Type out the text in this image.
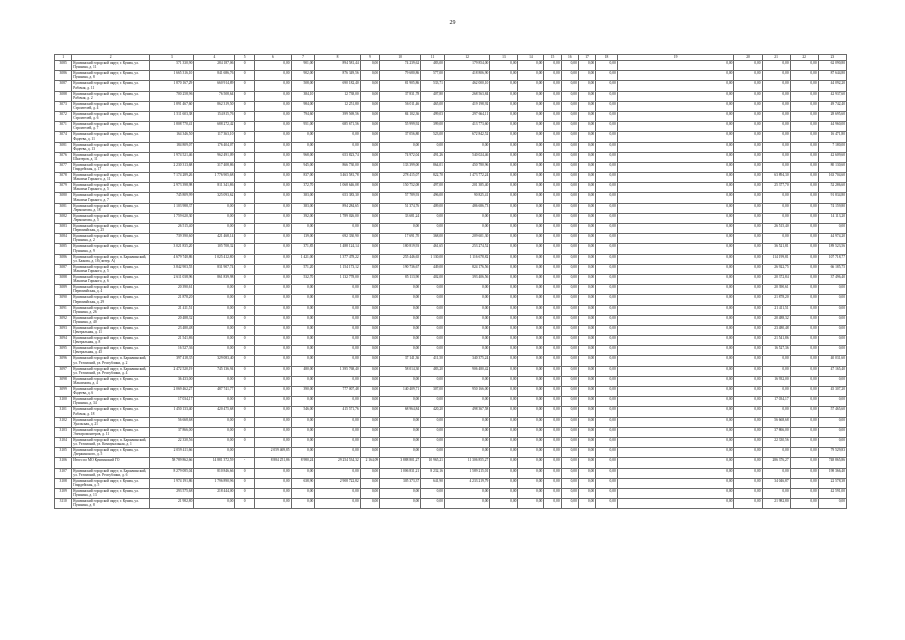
29
1	2	3	4	5	6	7	8	9	10	11	12	13	14	15	16	17	18	19	20	21	22	23
3085	Кушвинский городской округ, г. Кушва, ул. Пушкина, д. 11	571 330,90	284 187,06	0	0,00	901,00	894 581,44	0,00	74 239,62	483,00	179 854,00	0,00	0,00	0,00	0,00	0,00	0,00	0,00	0,00	0,00	0,00	62 090,80
3086	Кушвинский городской округ, г. Кушва, ул. Пушкина, д. 8	1 665 316,10	841 686,76	0	0,00	902,00	876 349,56	0,00	79 680,86	577,00	418 806,90	0,00	0,00	0,00	0,00	0,00	0,00	0,00	0,00	0,00	0,00	87 644,80
3087	Кушвинский городской округ, г. Кушва, ул. Рабочая, д. 11	1 870 167,29	660 914,89	0	0,00	508,00	690 182,40	0,00	81 905,86	533,71	462 000,10	0,00	0,00	0,00	0,00	0,00	0,00	0,00	0,00	0,00	0,00	44 092,20
3088	Кушвинский городской округ, г. Кушва, ул. Рабочая, д. 2	700 258,96	76 508,64	0	0,00	384,10	12 738,00	0,00	37 831,78	407,80	268 563,84	0,00	0,00	0,00	0,00	0,00	0,00	0,00	0,00	0,00	0,00	42 937,60
3073	Кушвинский городской округ, г. Кушва, ул. Строителей, д. 4	1 891 467,60	862 319,50	0	0,00	984,00	12 251,80	0,00	56 011,46	465,00	419 198,92	0,00	0,00	0,00	0,00	0,00	0,00	0,00	0,00	0,00	0,00	49 742,40
3072	Кушвинский городской округ, г. Кушва, ул. Строителей, д. 6	1 511 603,38	154 815,76	0	0,00	794,60	399 569,56	0,00	84 102,36	499,03	297 664,11	0,00	0,00	0,00	0,00	0,00	0,00	0,00	0,00	0,00	0,00	28 695,60
3071	Кушвинский городской округ, г. Кушва, ул. Строителей, д. 7	1 808 770,41	688 272,42	0	0,00	951,00	685 671,56	0,00	55 999,92	399,00	413 773,60	0,00	0,00	0,00	0,00	0,00	0,00	0,00	0,00	0,00	0,00	44 960,00
3074	Кушвинский городской округ, г. Кушва, ул. Фадеева, д. 11	164 346,50	117 363,10	0	0,00	0,00	0,00	0,00	37 056,80	523,00	672 842,52	0,00	0,00	0,00	0,00	0,00	0,00	0,00	0,00	0,00	0,00	16 471,80
3081	Кушвинский городской округ, г. Кушва, ул. Фадеева, д. 13	184 809,07	176 404,07	0	0,00	0,00	0,00	0,00	0,00	0,00	0,00	0,00	0,00	0,00	0,00	0,00	0,00	0,00	0,00	0,00	0,00	7 180,00
3076	Кушвинский городской округ, г. Кушва, ул. Шахтеров, д. 11	1 974 521,46	962 491,09	0	0,00	968,00	653 823,74	0,00	74 972,04	491,26	540 024,46	0,00	0,00	0,00	0,00	0,00	0,00	0,00	0,00	0,00	0,00	42 609,60
3077	Кушвинский городской округ, г. Кушва, ул. Гвардейская, д. 17	2 230 313,68	317 408,86	0	0,00	945,00	866 730,00	0,00	133 399,00	864,01	450 780,96	0,00	0,00	0,00	0,00	0,00	0,00	0,00	0,00	0,00	0,00	80 130,60
3078	Кушвинский городской округ, г. Кушва, ул. Максима Горького, д. 11	7 174 289,26	1 776 905,68	0	0,00	837,00	3 463 581,78	0,00	278 415,07	822,70	1 473 772,24	0,00	0,00	0,00	0,00	0,00	0,00	0,00	0,00	63 894,30	0,00	163 704,60
3079	Кушвинский городской округ, г. Кушва, ул. Максима Горького, д. 5	2 973 398,98	811 341,86	0	0,00	372,70	1 068 646,08	0,00	150 752,08	497,00	201 385,40	0,00	0,00	0,00	0,00	0,00	0,00	0,00	0,00	25 377,70	0,00	52 286,60
3080	Кушвинский городской округ, г. Кушва, ул. Максима Горького, д. 7	745 809,99	325 093,62	0	0,00	383,00	653 383,30	0,00	57 789,93	496,00	90 825,41	0,00	0,00	0,00	0,00	0,00	0,00	0,00	0,00	0,00	0,00	91 834,80
3081	Кушвинский городской округ, г. Кушва, ул. Лермонтова, д. 18	1 103 988,37	0,00	0	0,00	383,00	894 284,65	0,00	51 374,76	409,00	486 686,73	0,00	0,00	0,00	0,00	0,00	0,00	0,00	0,00	0,00	0,00	74 159,80
3082	Кушвинский городской округ, г. Кушва, ул. Лермонтова, д. 5	1 759 620,30	0,00	0	0,00	392,00	1 789 026,00	0,00	33 681,24	0,00	0,00	0,00	0,00	0,00	0,00	0,00	0,00	0,00	0,00	0,00	0,00	14 113,20
3083	Кушвинский городской округ, г. Кушва, ул. Первомайская, д. 25	26 515,40	0,00	0	0,00	0,00	0,00	0,00	0,00	0,00	0,00	0,00	0,00	0,00	0,00	0,00	0,00	0,00	0,00	26 515,40	0,00	0,00
3084	Кушвинский городской округ, г. Кушва, ул. Пушкина, д. 2	739 390,60	421 468,14	0	0,00	139,00	692 330,90	0,00	17 691,70	368,00	209 601,30	0,00	0,00	0,00	0,00	0,00	0,00	0,00	0,00	0,00	0,00	44 974,20
3085	Кушвинский городской округ, г. Кушва, ул. Пушкина, д. 9	3 021 835,20	105 708,32	0	0,00	371,85	1 488 124,14	0,00	180 819,93	461,65	253 274,52	0,00	0,00	0,00	0,00	0,00	0,00	0,00	0,00	36 521,81	0,00	189 523,56
3086	Кушвинский городской округ, п. Баранчинский, ул. Бажова, д. 18 (литер. А)	4 679 740,86	1 025 412,80	0	0,00	1 421,00	1 377 478,22	0,00	255 446,65	1 130,00	1 116 678,82	0,00	0,00	0,00	0,00	0,00	0,00	0,00	0,00	114 199,81	0,00	107 718,77
3087	Кушвинский городской округ, г. Кушва, ул. Максима Горького, д. 5	3 842 903,55	831 907,74	0	0,00	571,20	1 154 173,12	0,00	190 736,67	449,00	824 176,56	0,00	0,00	0,00	0,00	0,00	0,00	0,00	0,00	26 922,75	0,00	66 185,75
3088	Кушвинский городской округ, г. Кушва, ул. Максима Горького, д. 6	2 611 038,96	861 839,98	0	0,00	532,70	1 132 778,00	0,00	85 113,90	402,00	393 406,56	0,00	0,00	0,00	0,00	0,00	0,00	0,00	0,00	20 372,84	0,00	37 496,40
3089	Кушвинский городской округ, г. Кушва, ул. Первомайская, д. 4	20 390,61	0,00	0	0,00	0,00	0,00	0,00	0,00	0,00	0,00	0,00	0,00	0,00	0,00	0,00	0,00	0,00	0,00	20 390,61	0,00	0,00
3090	Кушвинский городской округ, г. Кушва, ул. Первомайская, д. 29	21 878,20	0,00	0	0,00	0,00	0,00	0,00	0,00	0,00	0,00	0,00	0,00	0,00	0,00	0,00	0,00	0,00	0,00	21 878,20	0,00	0,00
3091	Кушвинский городской округ, г. Кушва, ул. Пушкина, д. 26	21 411,51	0,00	0	0,00	0,00	0,00	0,00	0,00	0,00	0,00	0,00	0,00	0,00	0,00	0,00	0,00	0,00	0,00	21 411,51	0,00	0,00
3092	Кушвинский городской округ, г. Кушва, ул. Пушкина, д. 40	20 488,32	0,00	0	0,00	0,00	0,00	0,00	0,00	0,00	0,00	0,00	0,00	0,00	0,00	0,00	0,00	0,00	0,00	20 488,32	0,00	0,00
3093	Кушвинский городской округ, г. Кушва, ул. Центральная, д. 11	23 480,48	0,00	0	0,00	0,00	0,00	0,00	0,00	0,00	0,00	0,00	0,00	0,00	0,00	0,00	0,00	0,00	0,00	23 480,48	0,00	0,00
3094	Кушвинский городской округ, г. Кушва, ул. Центральная, д. 8	21 541,86	0,00	0	0,00	0,00	0,00	0,00	0,00	0,00	0,00	0,00	0,00	0,00	0,00	0,00	0,00	0,00	0,00	21 541,86	0,00	0,00
3095	Кушвинский городской округ, г. Кушва, ул. Центральная, д. 45	16 527,36	0,00	0	0,00	0,00	0,00	0,00	0,00	0,00	0,00	0,00	0,00	0,00	0,00	0,00	0,00	0,00	0,00	16 527,36	0,00	0,00
3096	Кушвинский городской округ, п. Баранчинский, ул. Ухтомский, ул. Республики, д. 2	397 418,35	329 083,40	0	0,00	0,00	0,00	0,00	37 141,36	411,50	340 375,24	0,00	0,00	0,00	0,00	0,00	0,00	0,00	0,00	0,00	0,00	40 031,60
3097	Кушвинский городской округ, п. Баранчинский, ул. Ухтомский, ул. Республики, д. 4	2 472 520,19	745 136,94	0	0,00	480,00	1 395 768,40	0,00	58 014,30	483,20	906 480,42	0,00	0,00	0,00	0,00	0,00	0,00	0,00	0,00	0,00	0,00	47 165,40
3098	Кушвинский городской округ, г. Кушва, ул. Максимова, д. 4	36 433,00	0,00	0	0,00	0,00	0,00	0,00	0,00	0,00	0,00	0,00	0,00	0,00	0,00	0,00	0,00	0,00	0,00	16 932,00	0,00	0,00
3099	Кушвинский городской округ, г. Кушва, ул. Фадеева, д. 6	2 069 462,27	487 741,77	0	0,00	390,00	777 007,48	0,00	140 409,71	307,00	950 166,00	0,00	0,00	0,00	0,00	0,00	0,00	0,00	0,00	0,00	0,00	45 307,20
3100	Кушвинский городской округ, г. Кушва, ул. Пушкина, д. 34	17 034,17	0,00	0	0,00	0,00	0,00	0,00	0,00	0,00	0,00	0,00	0,00	0,00	0,00	0,00	0,00	0,00	0,00	17 034,17	0,00	0,00
3101	Кушвинский городской округ, г. Кушва, ул. Рабочая, д. 18	1 450 133,40	420 475,68	0	0,00	546,00	415 571,76	0,00	68 964,84	420,20	498 367,58	0,00	0,00	0,00	0,00	0,00	0,00	0,00	0,00	0,00	0,00	57 465,60
3102	Кушвинский городской округ, г. Кушва, ул. Уральская, д. 21	56 668,68	0,00	0	0,00	0,00	0,00	0,00	0,00	0,00	0,00	0,00	0,00	0,00	0,00	0,00	0,00	0,00	0,00	56 668,68	0,00	0,00
3103	Кушвинский городской округ, г. Кушва, ул. Электромонтеров, д. 11	37 866,00	0,00	0	0,00	0,00	0,00	0,00	0,00	0,00	0,00	0,00	0,00	0,00	0,00	0,00	0,00	0,00	0,00	37 866,00	0,00	0,00
3104	Кушвинский городской округ, п. Баранчинский, ул. Ухтомский, ул. Коммунальная, д. 1	22 330,56	0,00	0	0,00	0,00	0,00	0,00	0,00	0,00	0,00	0,00	0,00	0,00	0,00	0,00	0,00	0,00	0,00	22 330,56	0,00	0,00
3105	Кушвинский городской округ, г. Кушва, ул. Дзержинского, д. 5	2 059 411,66	0,00		2 059 469,85	0,00	0,00	0,00	0,00	0,00	0,00	0,00	0,00	0,00	0,00	0,00	0,00	0,00	0,00	0,00	0,00	79 529,83
3106	Итого по МО Кушвинский ГО	58 789 862,66	14 881 372,59	-	8 884 251,86	8 980,24	29 254 534,32	2 164,09	3 888 801,27	10 965,21	11 306 855,27	0,00	0,00	0,00	0,00	0,00	0,00	0,00	0,00	286 376,27	0,00	748 865,86
3107	Кушвинский городской округ, п. Баранчинский, ул. Ухтомский, ул. Республики, д. 6	8 279 085,04	810 846,66	0	0,00	0,00	0,00	0,00	1 006 831,21	8 232,16	1 589 215,01	0,00	0,00	0,00	0,00	0,00	0,00	0,00	0,00	0,00	0,00	198 366,40
3108	Кушвинский городской округ, г. Кушва, ул. Гвардейская, д. 5	1 974 191,86	1 796 890,96	0	0,00	638,90	2 908 722,82	0,00	305 373,37	641,90	4 233 219,79	0,00	0,00	0,00	0,00	0,00	0,00	0,00	0,00	34 046,87	0,00	22 578,38
3109	Кушвинский городской округ, г. Кушва, ул. Пушкина, д. 13	293 575,68	218 444,00	0	0,00	0,00	0,00	0,00	0,00	0,00	0,00	0,00	0,00	0,00	0,00	0,00	0,00	0,00	0,00	0,00	0,00	42 591,00
3110	Кушвинский городской округ, г. Кушва, ул. Пушкина, д. 8	21 982,80	0,00	0	0,00	0,00	0,00	0,00	0,00	0,00	0,00	0,00	0,00	0,00	0,00	0,00	0,00	0,00	0,00	21 982,80	0,00	0,00
